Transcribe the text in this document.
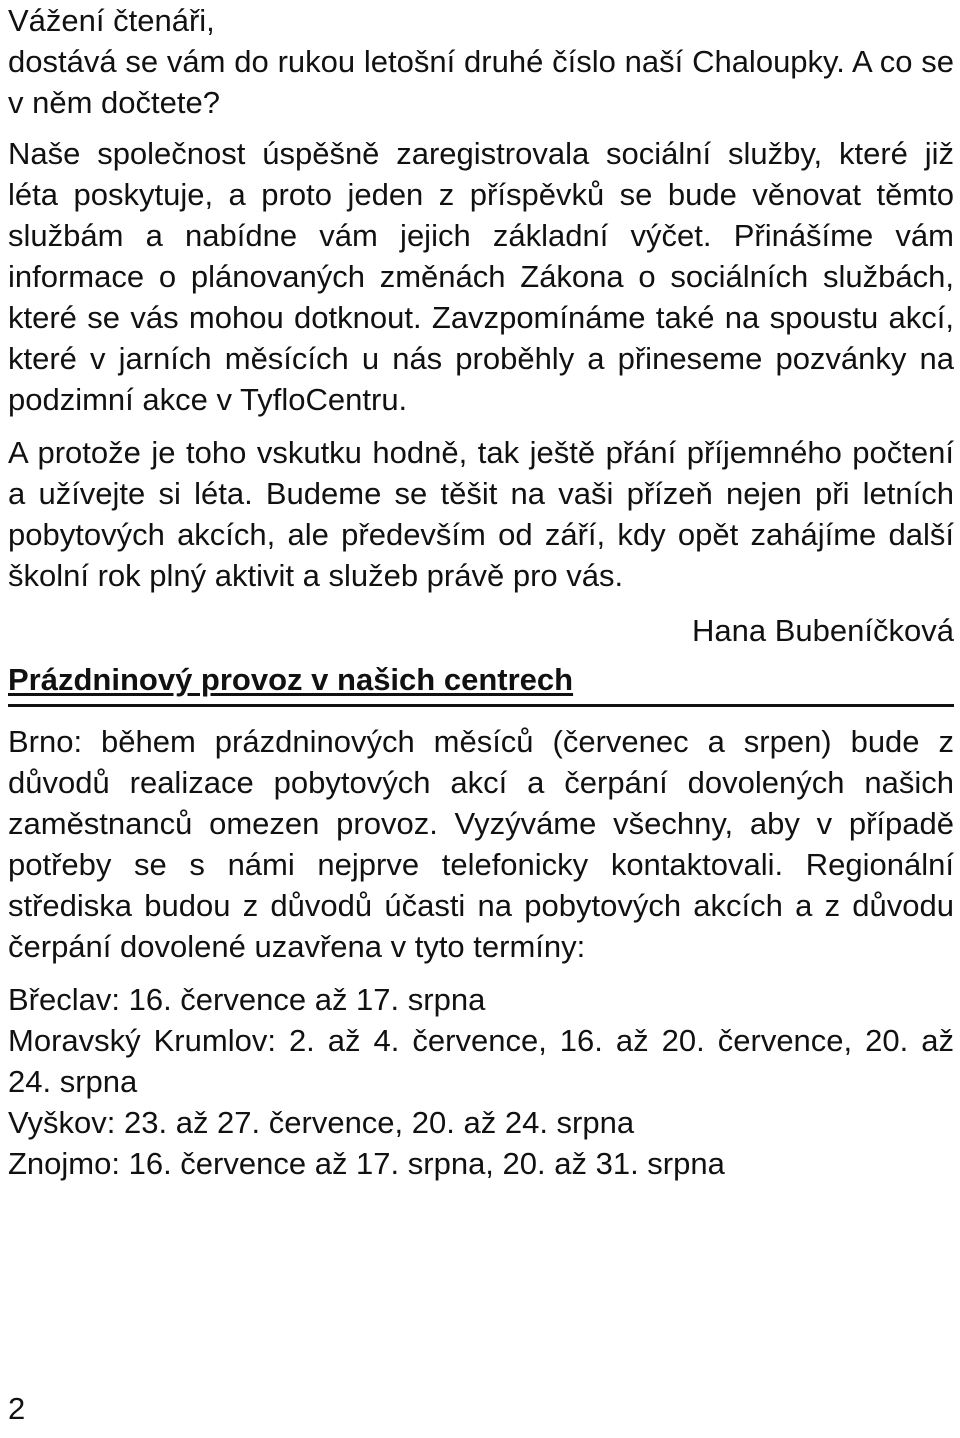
Vážení čtenáři,

dostává se vám do rukou letošní druhé číslo naší Chaloupky. A co se v něm dočtete?

Naše společnost úspěšně zaregistrovala sociální služby, které již léta poskytuje, a proto jeden z příspěvků se bude věnovat těmto službám a nabídne vám jejich základní výčet. Přinášíme vám informace o plánovaných změnách Zákona o sociálních službách, které se vás mohou dotknout. Zavzpomínáme také na spoustu akcí, které v jarních měsících u nás proběhly a přineseme pozvánky na podzimní akce v TyfloCentru.

A protože je toho vskutku hodně, tak ještě přání příjemného počtení a užívejte si léta. Budeme se těšit na vaši přízeň nejen při letních pobytových akcích, ale především od září, kdy opět zahájíme další školní rok plný aktivit a služeb právě pro vás.

Hana Bubeníčková

Prázdninový provoz v našich centrech

Brno: během prázdninových měsíců (červenec a srpen) bude z důvodů realizace pobytových akcí a čerpání dovolených našich zaměstnanců omezen provoz. Vyzýváme všechny, aby v případě potřeby se s námi nejprve telefonicky kontaktovali. Regionální střediska budou z důvodů účasti na pobytových akcích a z důvodu čerpání dovolené uzavřena v tyto termíny:

Břeclav: 16. července až 17. srpna

Moravský Krumlov: 2. až 4. července, 16. až 20. července, 20. až 24. srpna

Vyškov: 23. až 27. července, 20. až 24. srpna

Znojmo: 16. července až 17. srpna, 20. až 31. srpna

2
